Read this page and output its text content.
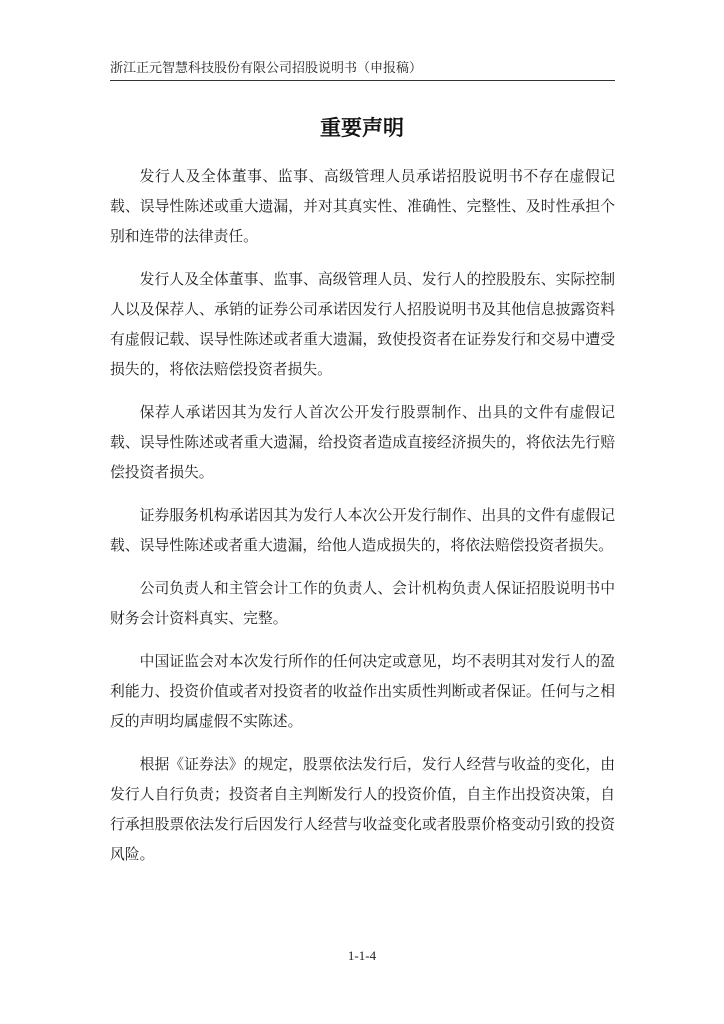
浙江正元智慧科技股份有限公司招股说明书（申报稿）
重要声明

发行人及全体董事、监事、高级管理人员承诺招股说明书不存在虚假记载、误导性陈述或重大遗漏，并对其真实性、准确性、完整性、及时性承担个别和连带的法律责任。

发行人及全体董事、监事、高级管理人员、发行人的控股股东、实际控制人以及保荐人、承销的证券公司承诺因发行人招股说明书及其他信息披露资料有虚假记载、误导性陈述或者重大遗漏，致使投资者在证券发行和交易中遭受损失的，将依法赔偿投资者损失。

保荐人承诺因其为发行人首次公开发行股票制作、出具的文件有虚假记载、误导性陈述或者重大遗漏，给投资者造成直接经济损失的，将依法先行赔偿投资者损失。

证券服务机构承诺因其为发行人本次公开发行制作、出具的文件有虚假记载、误导性陈述或者重大遗漏，给他人造成损失的，将依法赔偿投资者损失。

公司负责人和主管会计工作的负责人、会计机构负责人保证招股说明书中财务会计资料真实、完整。

中国证监会对本次发行所作的任何决定或意见，均不表明其对发行人的盈利能力、投资价值或者对投资者的收益作出实质性判断或者保证。任何与之相反的声明均属虚假不实陈述。

根据《证券法》的规定，股票依法发行后，发行人经营与收益的变化，由发行人自行负责；投资者自主判断发行人的投资价值，自主作出投资决策，自行承担股票依法发行后因发行人经营与收益变化或者股票价格变动引致的投资风险。

1-1-4
